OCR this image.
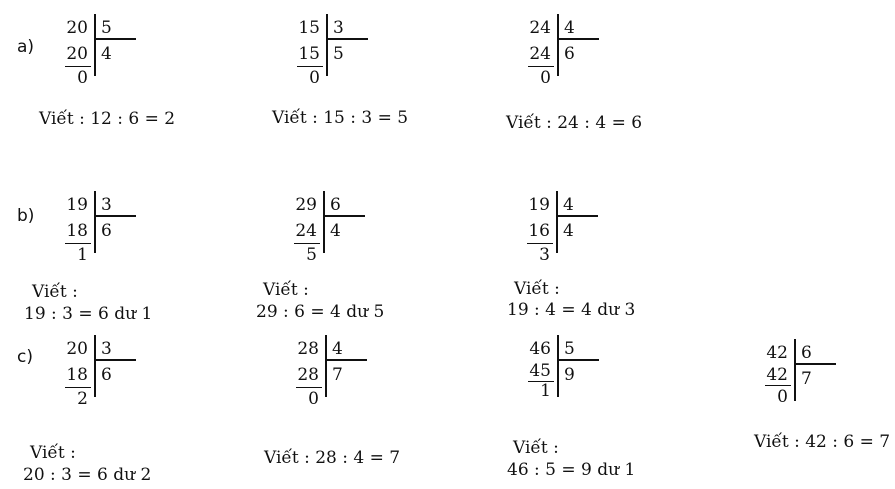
a)
b)
c)
20 5
20 4
0
15 3
15 5
0
24 4
24 6
0
19 3
18 6
1
29 6
24 4
5
19 4
16 4
3
20 3
18 6
2
28 4
28 7
0
46 5
45 9
1
42 6
42 7
0
Viết : 12 : 6 = 2	Viết : 15 : 3 = 5	Viết : 24 : 4 = 6
Viết :
19 : 3 = 6 dư 1
Viết :
29 : 6 = 4 dư 5
Viết :
19 : 4 = 4 dư 3
Viết :
20 : 3 = 6 dư 2
Viết : 28 : 4 = 7	Viết :
46 : 5 = 9 dư 1
Viết : 42 : 6 = 7
